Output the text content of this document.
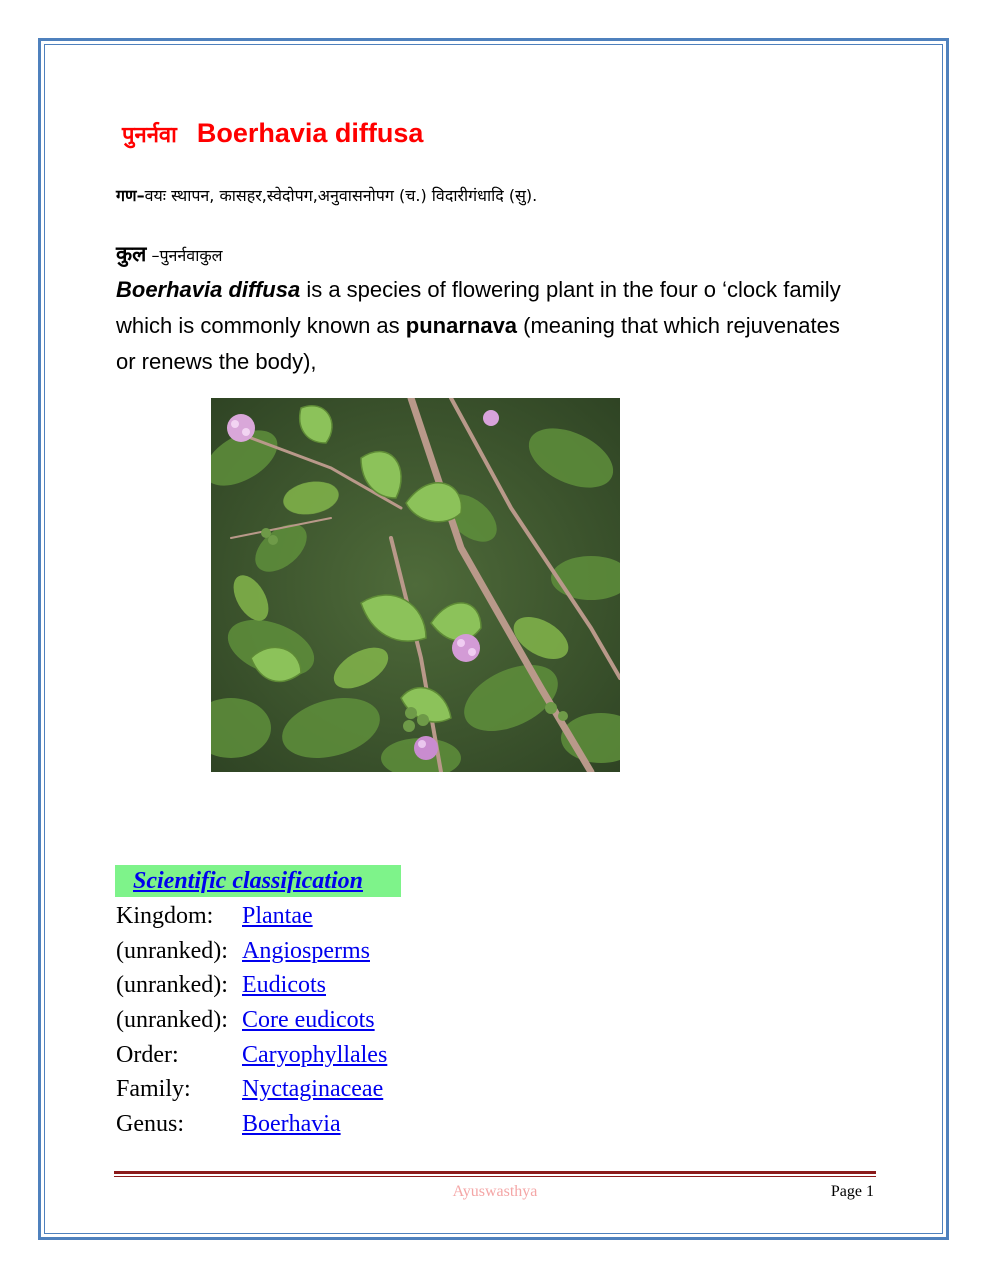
पुनर्नवा Boerhavia diffusa
गण–वयः स्थापन, कासहर,स्वेदोपग,अनुवासनोपग (च.) विदारीगंधादि (सु).
कुल –पुनर्नवाकुल

Boerhavia diffusa is a species of flowering plant in the four o ‘clock family which is commonly known as punarnava (meaning that which rejuvenates or renews the body),

Scientific classification
Kingdom:	Plantae
(unranked):	Angiosperms
(unranked):	Eudicots
(unranked):	Core eudicots
Order:	Caryophyllales
Family:	Nyctaginaceae
Genus:	Boerhavia
Ayuswasthya	Page 1
